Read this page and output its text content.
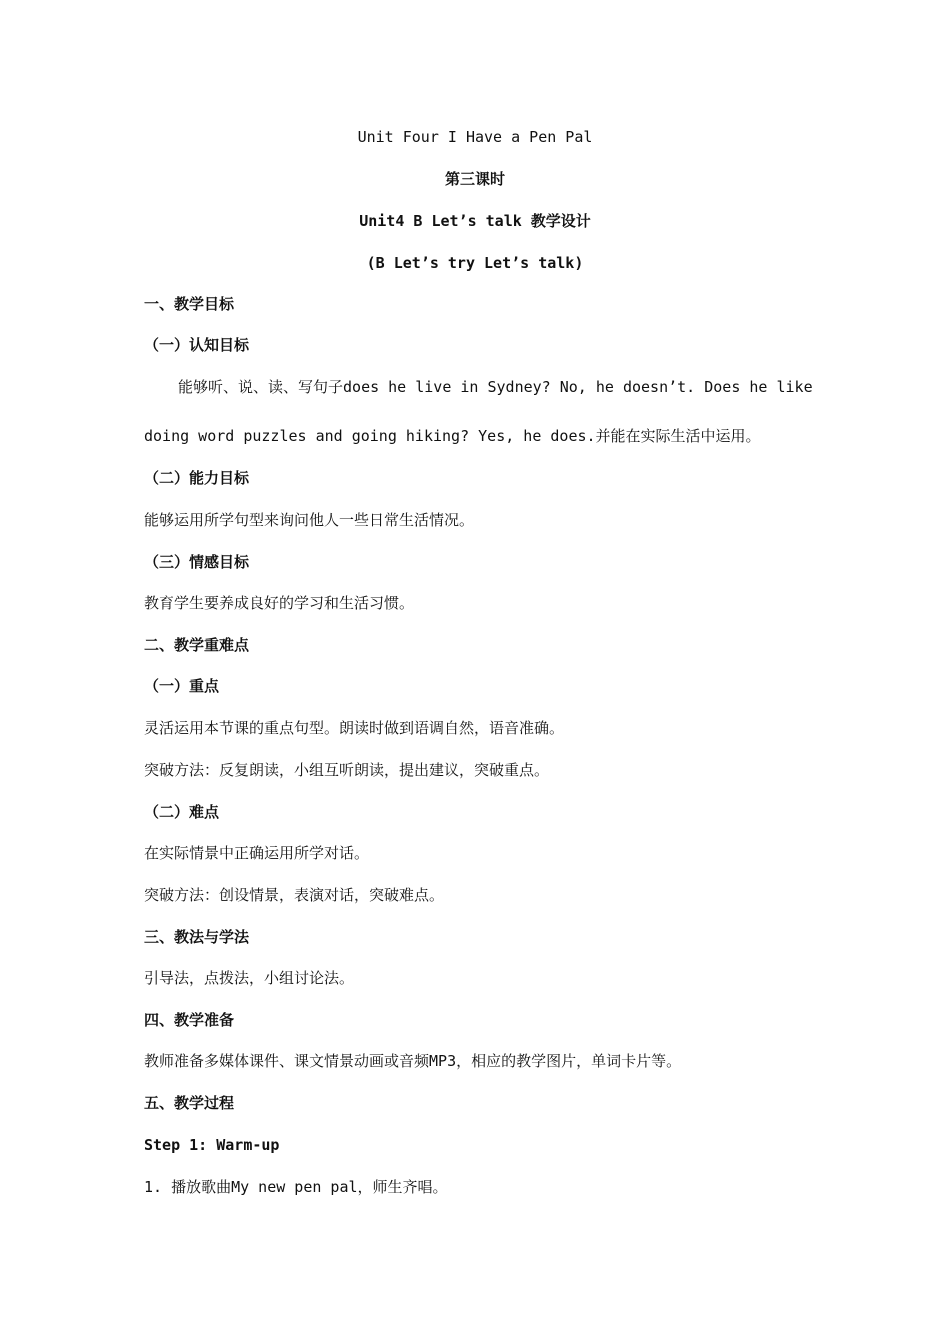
Unit Four I Have a Pen Pal
第三课时
Unit4 B Let’s talk 教学设计
(B Let’s try Let’s talk)
一、教学目标
（一）认知目标
能够听、说、读、写句子does he live in Sydney? No, he doesn’t. Does he like
doing word puzzles and going hiking? Yes, he does.并能在实际生活中运用。
（二）能力目标
能够运用所学句型来询问他人一些日常生活情况。
（三）情感目标
教育学生要养成良好的学习和生活习惯。
二、教学重难点
（一）重点
灵活运用本节课的重点句型。朗读时做到语调自然，语音准确。
突破方法：反复朗读，小组互听朗读，提出建议，突破重点。
（二）难点
在实际情景中正确运用所学对话。
突破方法：创设情景，表演对话，突破难点。
三、教法与学法
引导法，点拨法，小组讨论法。
四、教学准备
教师准备多媒体课件、课文情景动画或音频MP3，相应的教学图片，单词卡片等。
五、教学过程
Step 1: Warm-up
1. 播放歌曲My new pen pal，师生齐唱。
